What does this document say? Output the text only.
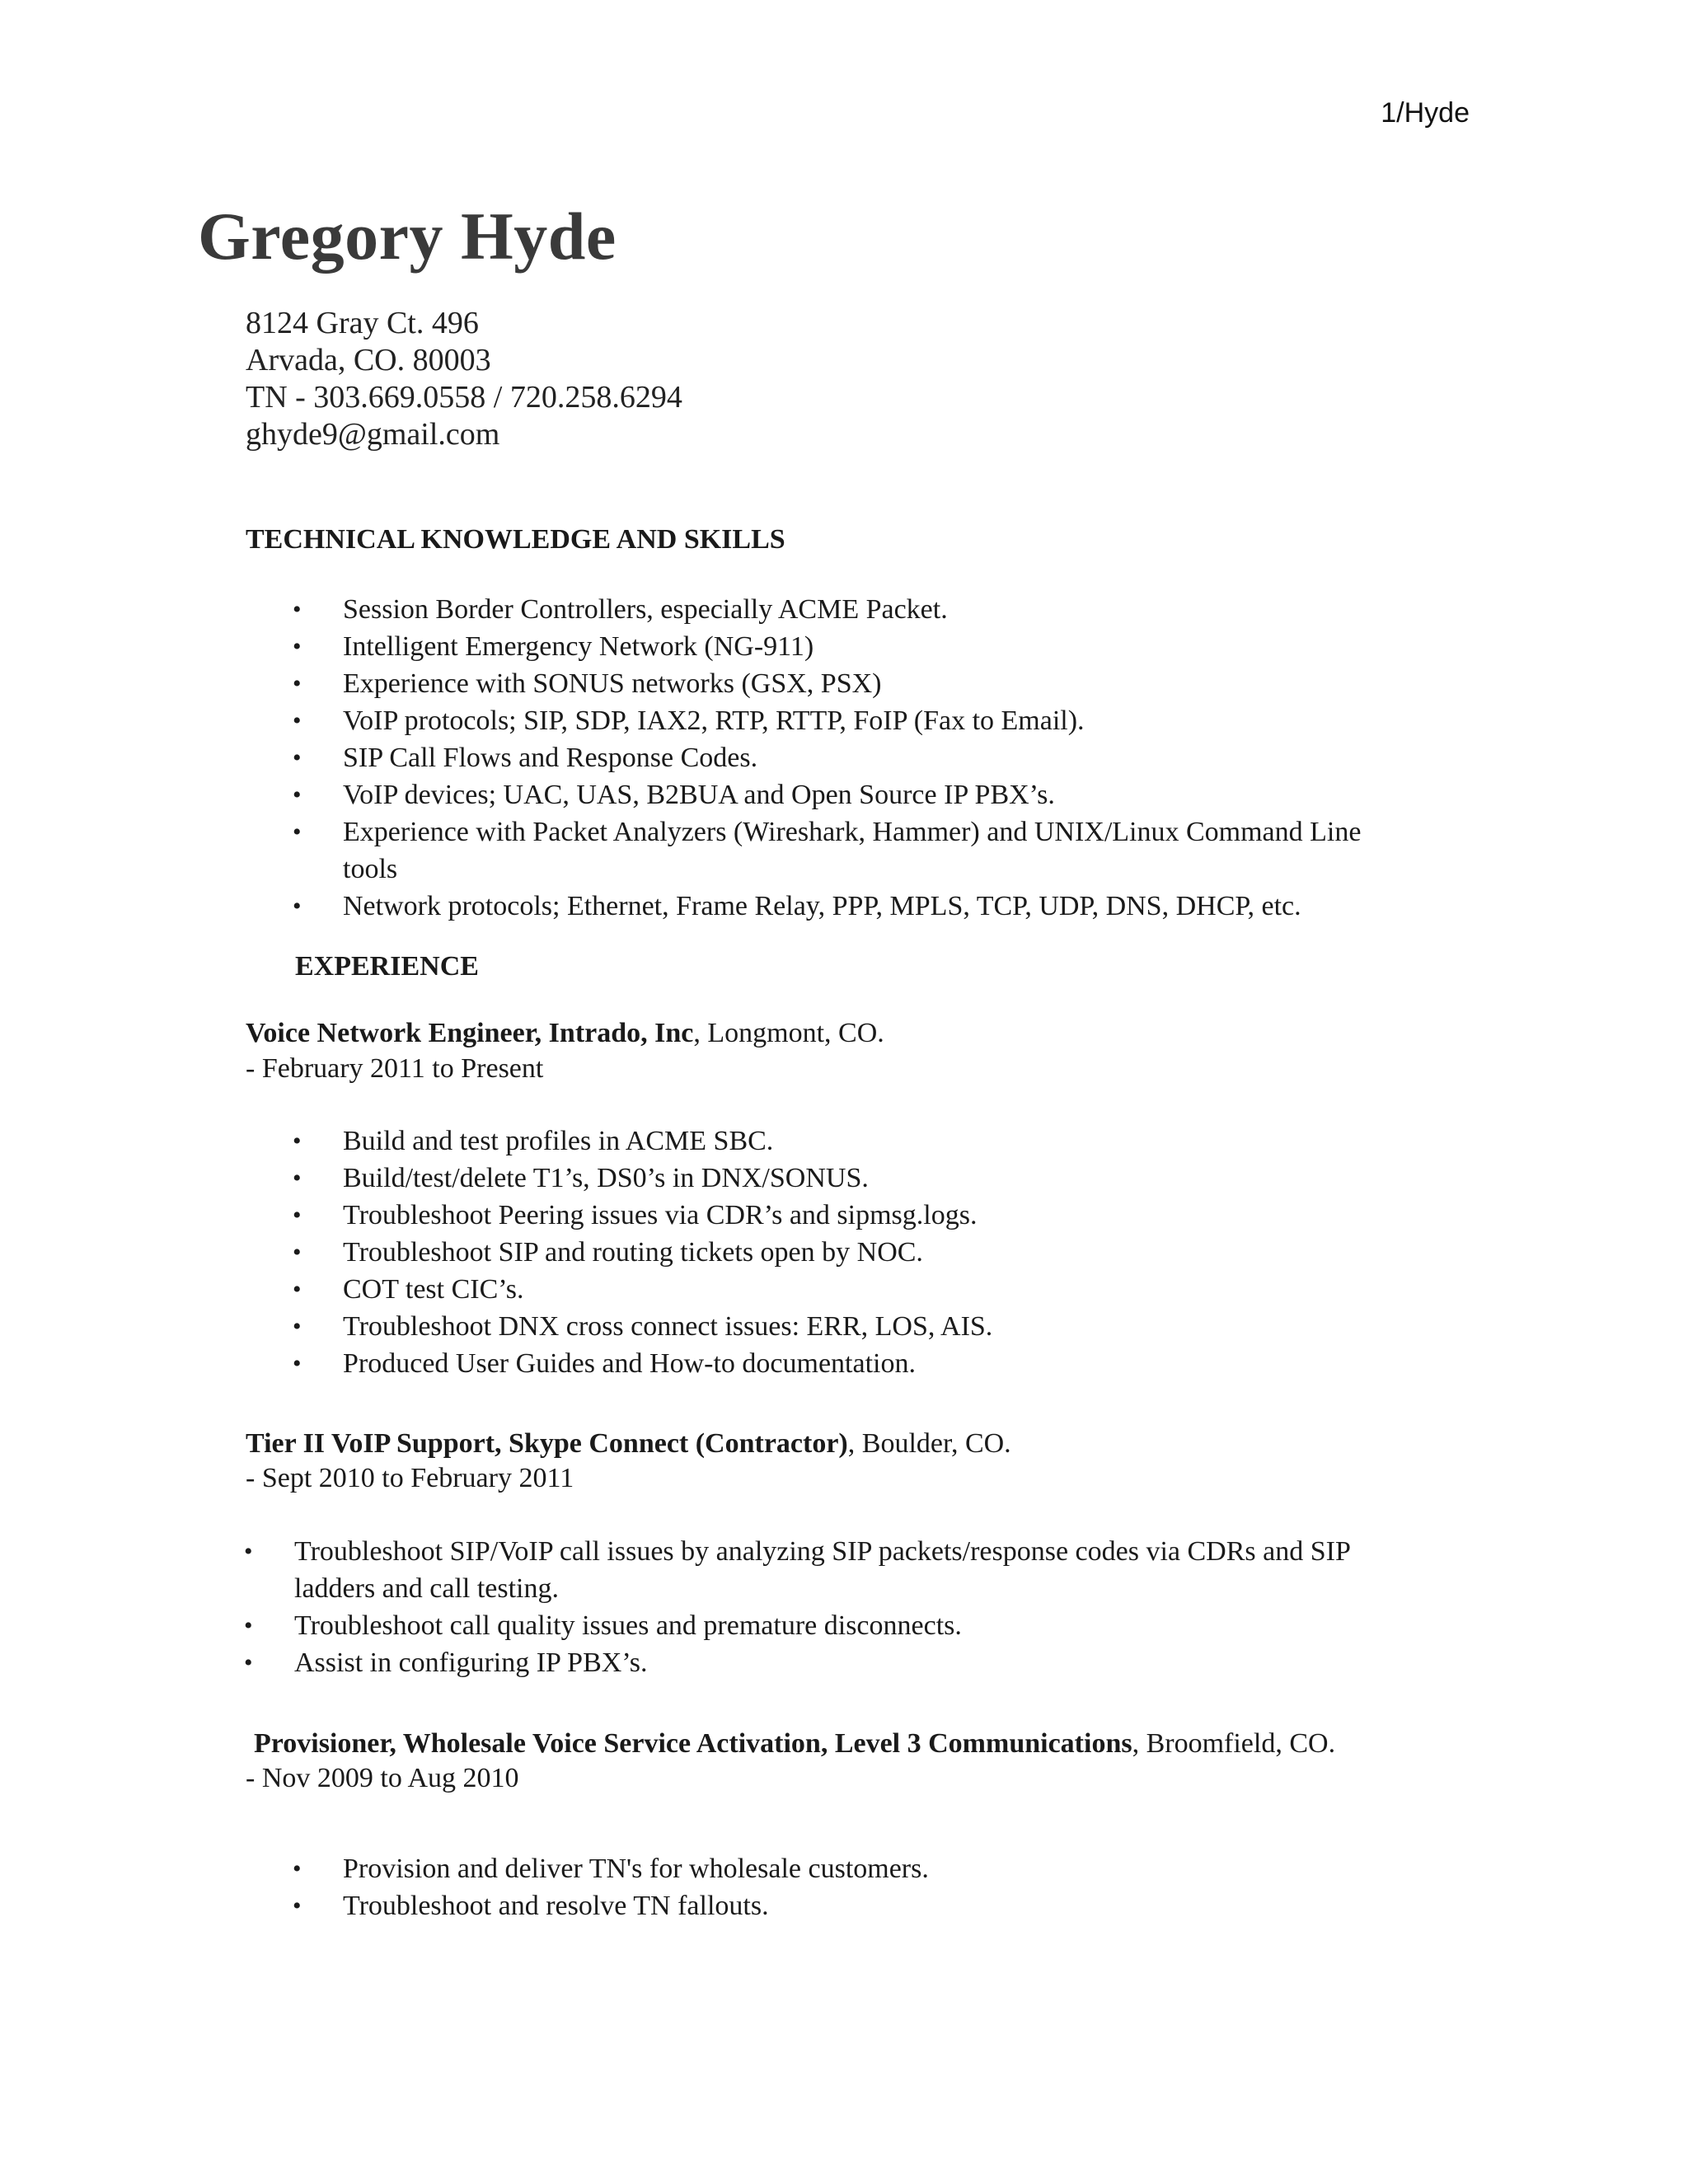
1/Hyde
Gregory Hyde
8124 Gray Ct. 496
Arvada, CO. 80003
TN - 303.669.0558 / 720.258.6294
ghyde9@gmail.com
TECHNICAL KNOWLEDGE AND SKILLS
• Session Border Controllers, especially ACME Packet.
• Intelligent Emergency Network (NG-911)
• Experience with SONUS networks (GSX, PSX)
• VoIP protocols; SIP, SDP, IAX2, RTP, RTTP, FoIP (Fax to Email).
• SIP Call Flows and Response Codes.
• VoIP devices; UAC, UAS, B2BUA and Open Source IP PBX’s.
• Experience with Packet Analyzers (Wireshark, Hammer) and UNIX/Linux Command Line
tools
• Network protocols; Ethernet, Frame Relay, PPP, MPLS, TCP, UDP, DNS, DHCP, etc.
EXPERIENCE
Voice Network Engineer, Intrado, Inc, Longmont, CO.
- February 2011 to Present
• Build and test profiles in ACME SBC.
• Build/test/delete T1’s, DS0’s in DNX/SONUS.
• Troubleshoot Peering issues via CDR’s and sipmsg.logs.
• Troubleshoot SIP and routing tickets open by NOC.
• COT test CIC’s.
• Troubleshoot DNX cross connect issues: ERR, LOS, AIS.
• Produced User Guides and How-to documentation.
Tier II VoIP Support, Skype Connect (Contractor), Boulder, CO.
- Sept 2010 to February 2011
• Troubleshoot SIP/VoIP call issues by analyzing SIP packets/response codes via CDRs and SIP
ladders and call testing.
• Troubleshoot call quality issues and premature disconnects.
• Assist in configuring IP PBX’s.
Provisioner, Wholesale Voice Service Activation, Level 3 Communications, Broomfield, CO.
- Nov 2009 to Aug 2010
• Provision and deliver TN's for wholesale customers.
• Troubleshoot and resolve TN fallouts.
